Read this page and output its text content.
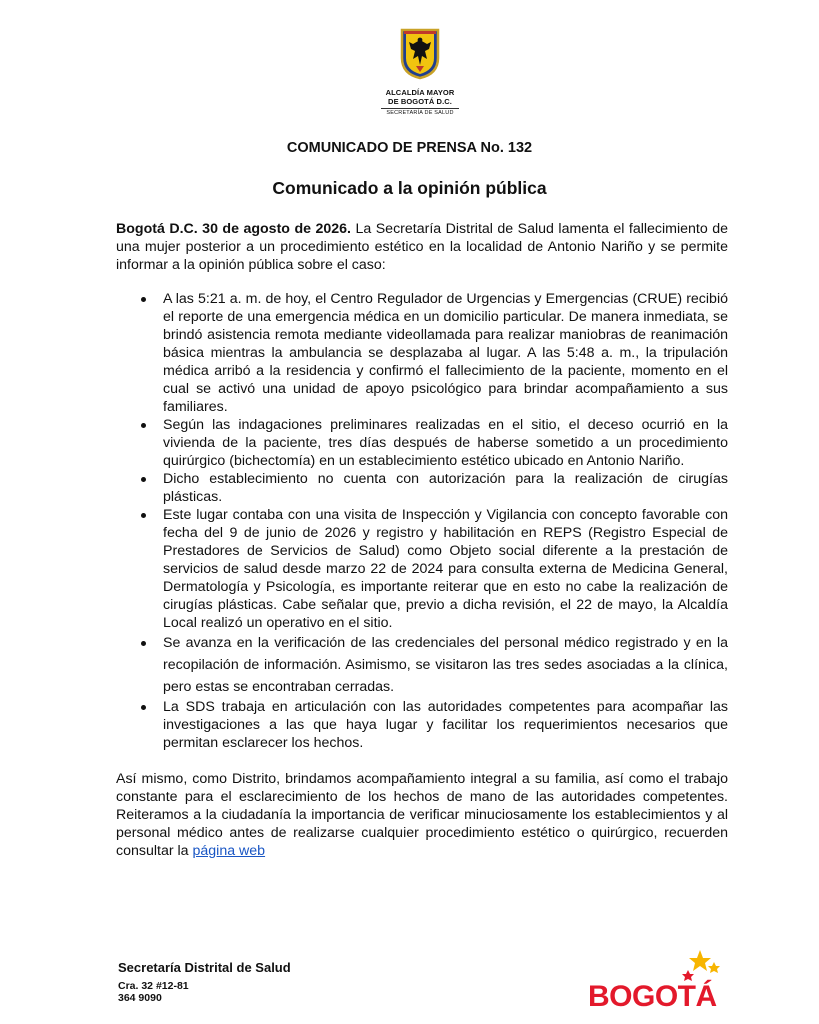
ALCALDÍA MAYOR
DE BOGOTÁ D.C.
SECRETARÍA DE SALUD
COMUNICADO DE PRENSA No. 132
Comunicado a la opinión pública

Bogotá D.C. 30 de agosto de 2026. La Secretaría Distrital de Salud lamenta el fallecimiento de una mujer posterior a un procedimiento estético en la localidad de Antonio Nariño y se permite informar a la opinión pública sobre el caso:

A las 5:21 a. m. de hoy, el Centro Regulador de Urgencias y Emergencias (CRUE) recibió el reporte de una emergencia médica en un domicilio particular. De manera inmediata, se brindó asistencia remota mediante videollamada para realizar maniobras de reanimación básica mientras la ambulancia se desplazaba al lugar. A las 5:48 a. m., la tripulación médica arribó a la residencia y confirmó el fallecimiento de la paciente, momento en el cual se activó una unidad de apoyo psicológico para brindar acompañamiento a sus familiares.
Según las indagaciones preliminares realizadas en el sitio, el deceso ocurrió en la vivienda de la paciente, tres días después de haberse sometido a un procedimiento quirúrgico (bichectomía) en un establecimiento estético ubicado en Antonio Nariño.
Dicho establecimiento no cuenta con autorización para la realización de cirugías plásticas.
Este lugar contaba con una visita de Inspección y Vigilancia con concepto favorable con fecha del 9 de junio de 2026 y registro y habilitación en REPS (Registro Especial de Prestadores de Servicios de Salud) como Objeto social diferente a la prestación de servicios de salud desde marzo 22 de 2024 para consulta externa de Medicina General, Dermatología y Psicología, es importante reiterar que en esto no cabe la realización de cirugías plásticas. Cabe señalar que, previo a dicha revisión, el 22 de mayo, la Alcaldía Local realizó un operativo en el sitio.
Se avanza en la verificación de las credenciales del personal médico registrado y en la recopilación de información. Asimismo, se visitaron las tres sedes asociadas a la clínica, pero estas se encontraban cerradas.
La SDS trabaja en articulación con las autoridades competentes para acompañar las investigaciones a las que haya lugar y facilitar los requerimientos necesarios que permitan esclarecer los hechos.

Así mismo, como Distrito, brindamos acompañamiento integral a su familia, así como el trabajo constante para el esclarecimiento de los hechos de mano de las autoridades competentes. Reiteramos a la ciudadanía la importancia de verificar minuciosamente los establecimientos y al personal médico antes de realizarse cualquier procedimiento estético o quirúrgico, recuerden consultar la página web

Secretaría Distrital de Salud
Cra. 32 #12-81
364 9090	BOGOTÁ
